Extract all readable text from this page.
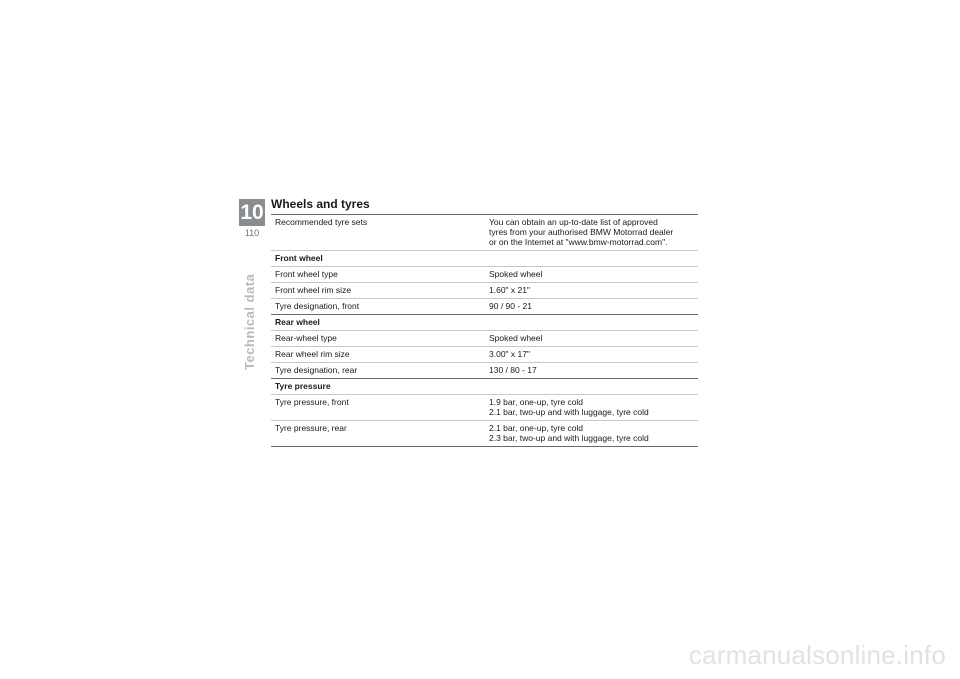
10
110
Technical data
Wheels and tyres
Recommended tyre sets	You can obtain an up-to-date list of approved
tyres from your authorised BMW Motorrad dealer
or on the Internet at "www.bmw-motorrad.com".

Front wheel	
Front wheel type	Spoked wheel

Front wheel rim size	1.60" x 21"

Tyre designation, front	90 / 90 - 21

Rear wheel	
Rear-wheel type	Spoked wheel

Rear wheel rim size	3.00" x 17"

Tyre designation, rear	130 / 80 - 17

Tyre pressure	
Tyre pressure, front	1.9 bar, one-up, tyre cold
2.1 bar, two-up and with luggage, tyre cold

Tyre pressure, rear	2.1 bar, one-up, tyre cold
2.3 bar, two-up and with luggage, tyre cold
carmanualsonline.info
